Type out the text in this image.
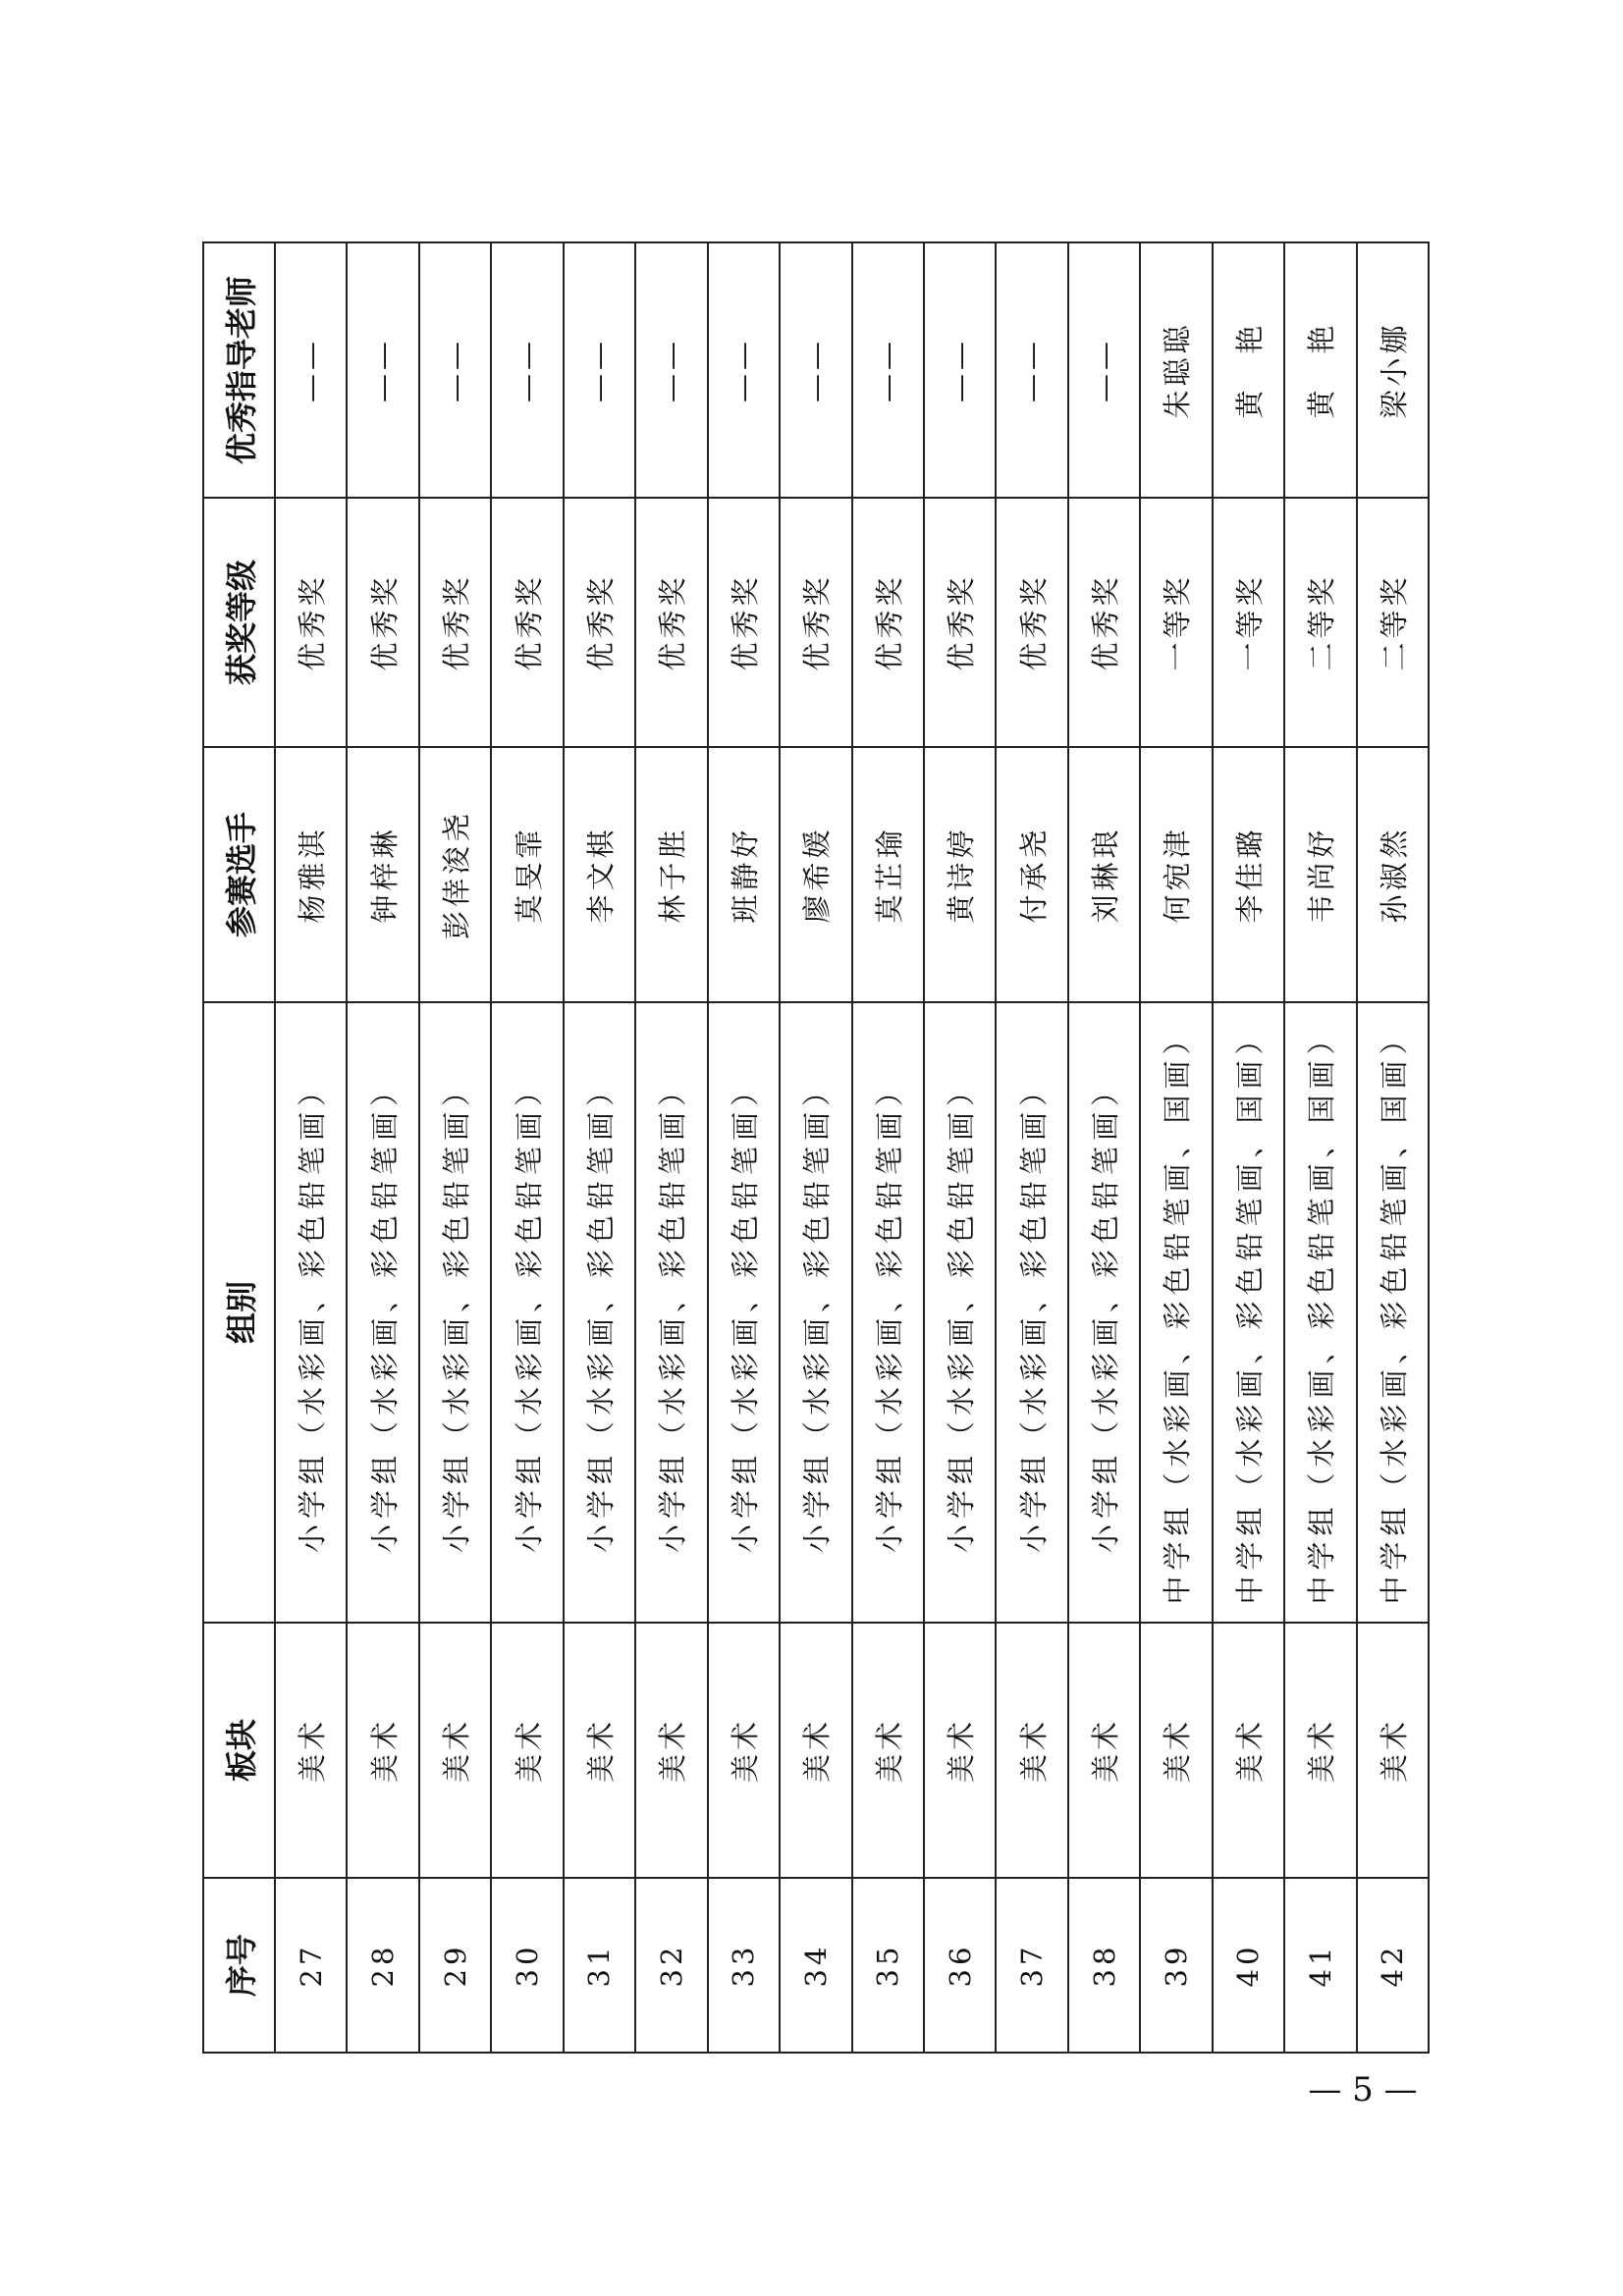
序号	板块	组别	参赛选手	获奖等级	优秀指导老师
27	美术	小学组（水彩画、彩色铅笔画）	杨雅淇	优秀奖	——
28	美术	小学组（水彩画、彩色铅笔画）	钟梓琳	优秀奖	——
29	美术	小学组（水彩画、彩色铅笔画）	彭倖浚尧	优秀奖	——
30	美术	小学组（水彩画、彩色铅笔画）	莫旻霏	优秀奖	——
31	美术	小学组（水彩画、彩色铅笔画）	李文棋	优秀奖	——
32	美术	小学组（水彩画、彩色铅笔画）	林子胜	优秀奖	——
33	美术	小学组（水彩画、彩色铅笔画）	班静妤	优秀奖	——
34	美术	小学组（水彩画、彩色铅笔画）	廖希媛	优秀奖	——
35	美术	小学组（水彩画、彩色铅笔画）	莫芷瑜	优秀奖	——
36	美术	小学组（水彩画、彩色铅笔画）	黄诗婷	优秀奖	——
37	美术	小学组（水彩画、彩色铅笔画）	付承尧	优秀奖	——
38	美术	小学组（水彩画、彩色铅笔画）	刘琳琅	优秀奖	——
39	美术	中学组（水彩画、彩色铅笔画、国画）	何宛津	一等奖	朱聪聪
40	美术	中学组（水彩画、彩色铅笔画、国画）	李佳璐	一等奖	黄　艳
41	美术	中学组（水彩画、彩色铅笔画、国画）	韦尚妤	二等奖	黄　艳
42	美术	中学组（水彩画、彩色铅笔画、国画）	孙淑然	二等奖	梁小娜
— 5 —
